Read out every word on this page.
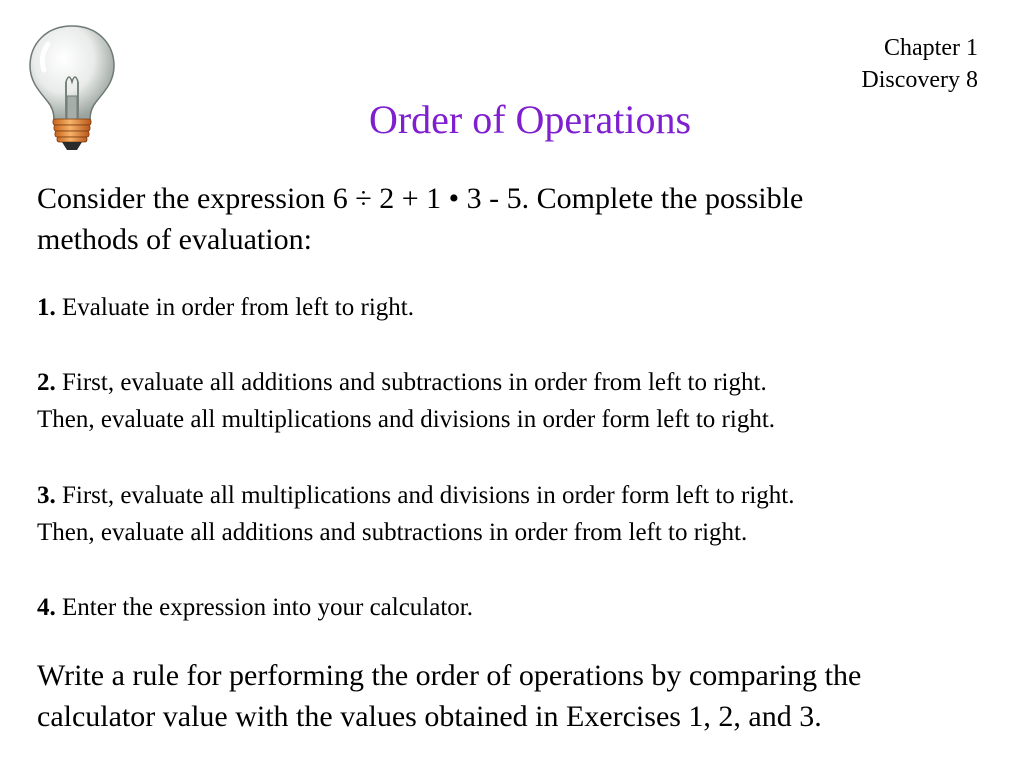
Chapter 1
Discovery 8
Order of Operations
Consider the expression 6 ÷ 2 + 1 • 3 - 5. Complete the possible
methods of evaluation:
1. Evaluate in order from left to right.
2. First, evaluate all additions and subtractions in order from left to right.
Then, evaluate all multiplications and divisions in order form left to right.
3. First, evaluate all multiplications and divisions in order form left to right.
Then, evaluate all additions and subtractions in order from left to right.
4. Enter the expression into your calculator.
Write a rule for performing the order of operations by comparing the
calculator value with the values obtained in Exercises 1, 2, and 3.
